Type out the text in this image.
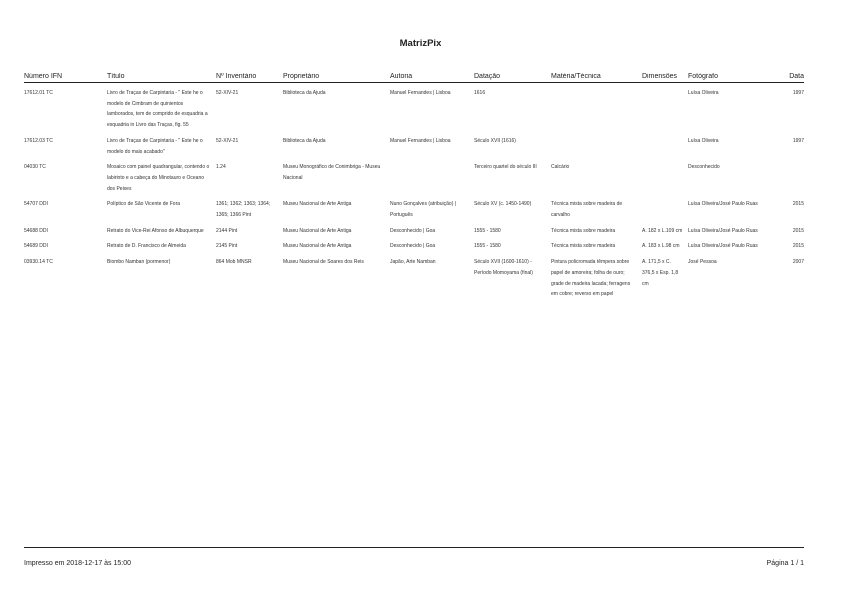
MatrizPix
Número IFN	Título	Nº Inventário	Proprietário	Autoria	Datação	Matéria/Técnica	Dimensões	Fotógrafo	Data
17612.01 TC	Livro de Traças de Carpintaria - " Este he o modelo de Cimbram de quinientos lamborados, tem de comprido de esquadria a esquadria in Livro das Traças, fig. 55	52-XIV-21	Biblioteca da Ajuda	Manuel Fernandes | Lisboa	1616			Luísa Oliveira	1997
17612.03 TC	Livro de Traças de Carpintaria - " Este he o modelo do mais acabado"	52-XIV-21	Biblioteca da Ajuda	Manuel Fernandes | Lisboa	Século XVII (1616)			Luísa Oliveira	1997
04030 TC	Mosaico com painel quadrangular, contendo o labirinto e a cabeça do Minotauro e Oceano dos Peixes	1.24	Museu Monográfico de Conimbriga - Museu Nacional		Terceiro quartel do século III	Calcário		Desconhecido	
54707 DDI	Políptico de São Vicente de Fora	1361; 1362; 1363; 1364; 1365; 1366 Pint	Museu Nacional de Arte Antiga	Nuno Gonçalves (atribuição) | Português	Século XV (c. 1450-1490)	Técnica mista sobre madeira de carvalho		Luísa Oliveira/José Paulo Ruas	2015
54688 DDI	Retrato do Vice-Rei Afonso de Albuquerque	2144 Pint	Museu Nacional de Arte Antiga	Desconhecido | Goa	1555 - 1580	Técnica mista sobre madeira	A. 182 x L.109 cm	Luísa Oliveira/José Paulo Ruas	2015
54689 DDI	Retrato de D. Francisco de Almeida	2145 Pint	Museu Nacional de Arte Antiga	Desconhecido | Goa	1555 - 1580	Técnica mista sobre madeira	A. 183 x L.98 cm	Luísa Oliveira/José Paulo Ruas	2015
03930.14 TC	Biombo Namban (pormenor)	864 Mob MNSR	Museu Nacional de Soares dos Reis	Japão, Arte Namban	Século XVII (1600-1610) - Período Momoyama (final)	Pintura policromada têmpera sobre papel de amoreira; folha de ouro; grade de madeira lacada; ferragens em cobre; reverso em papel	A. 171,5 x C. 376,5 x Esp. 1,8 cm	José Pessoa	2007
Impresso em 2018-12-17 às 15:00	Página 1 / 1
